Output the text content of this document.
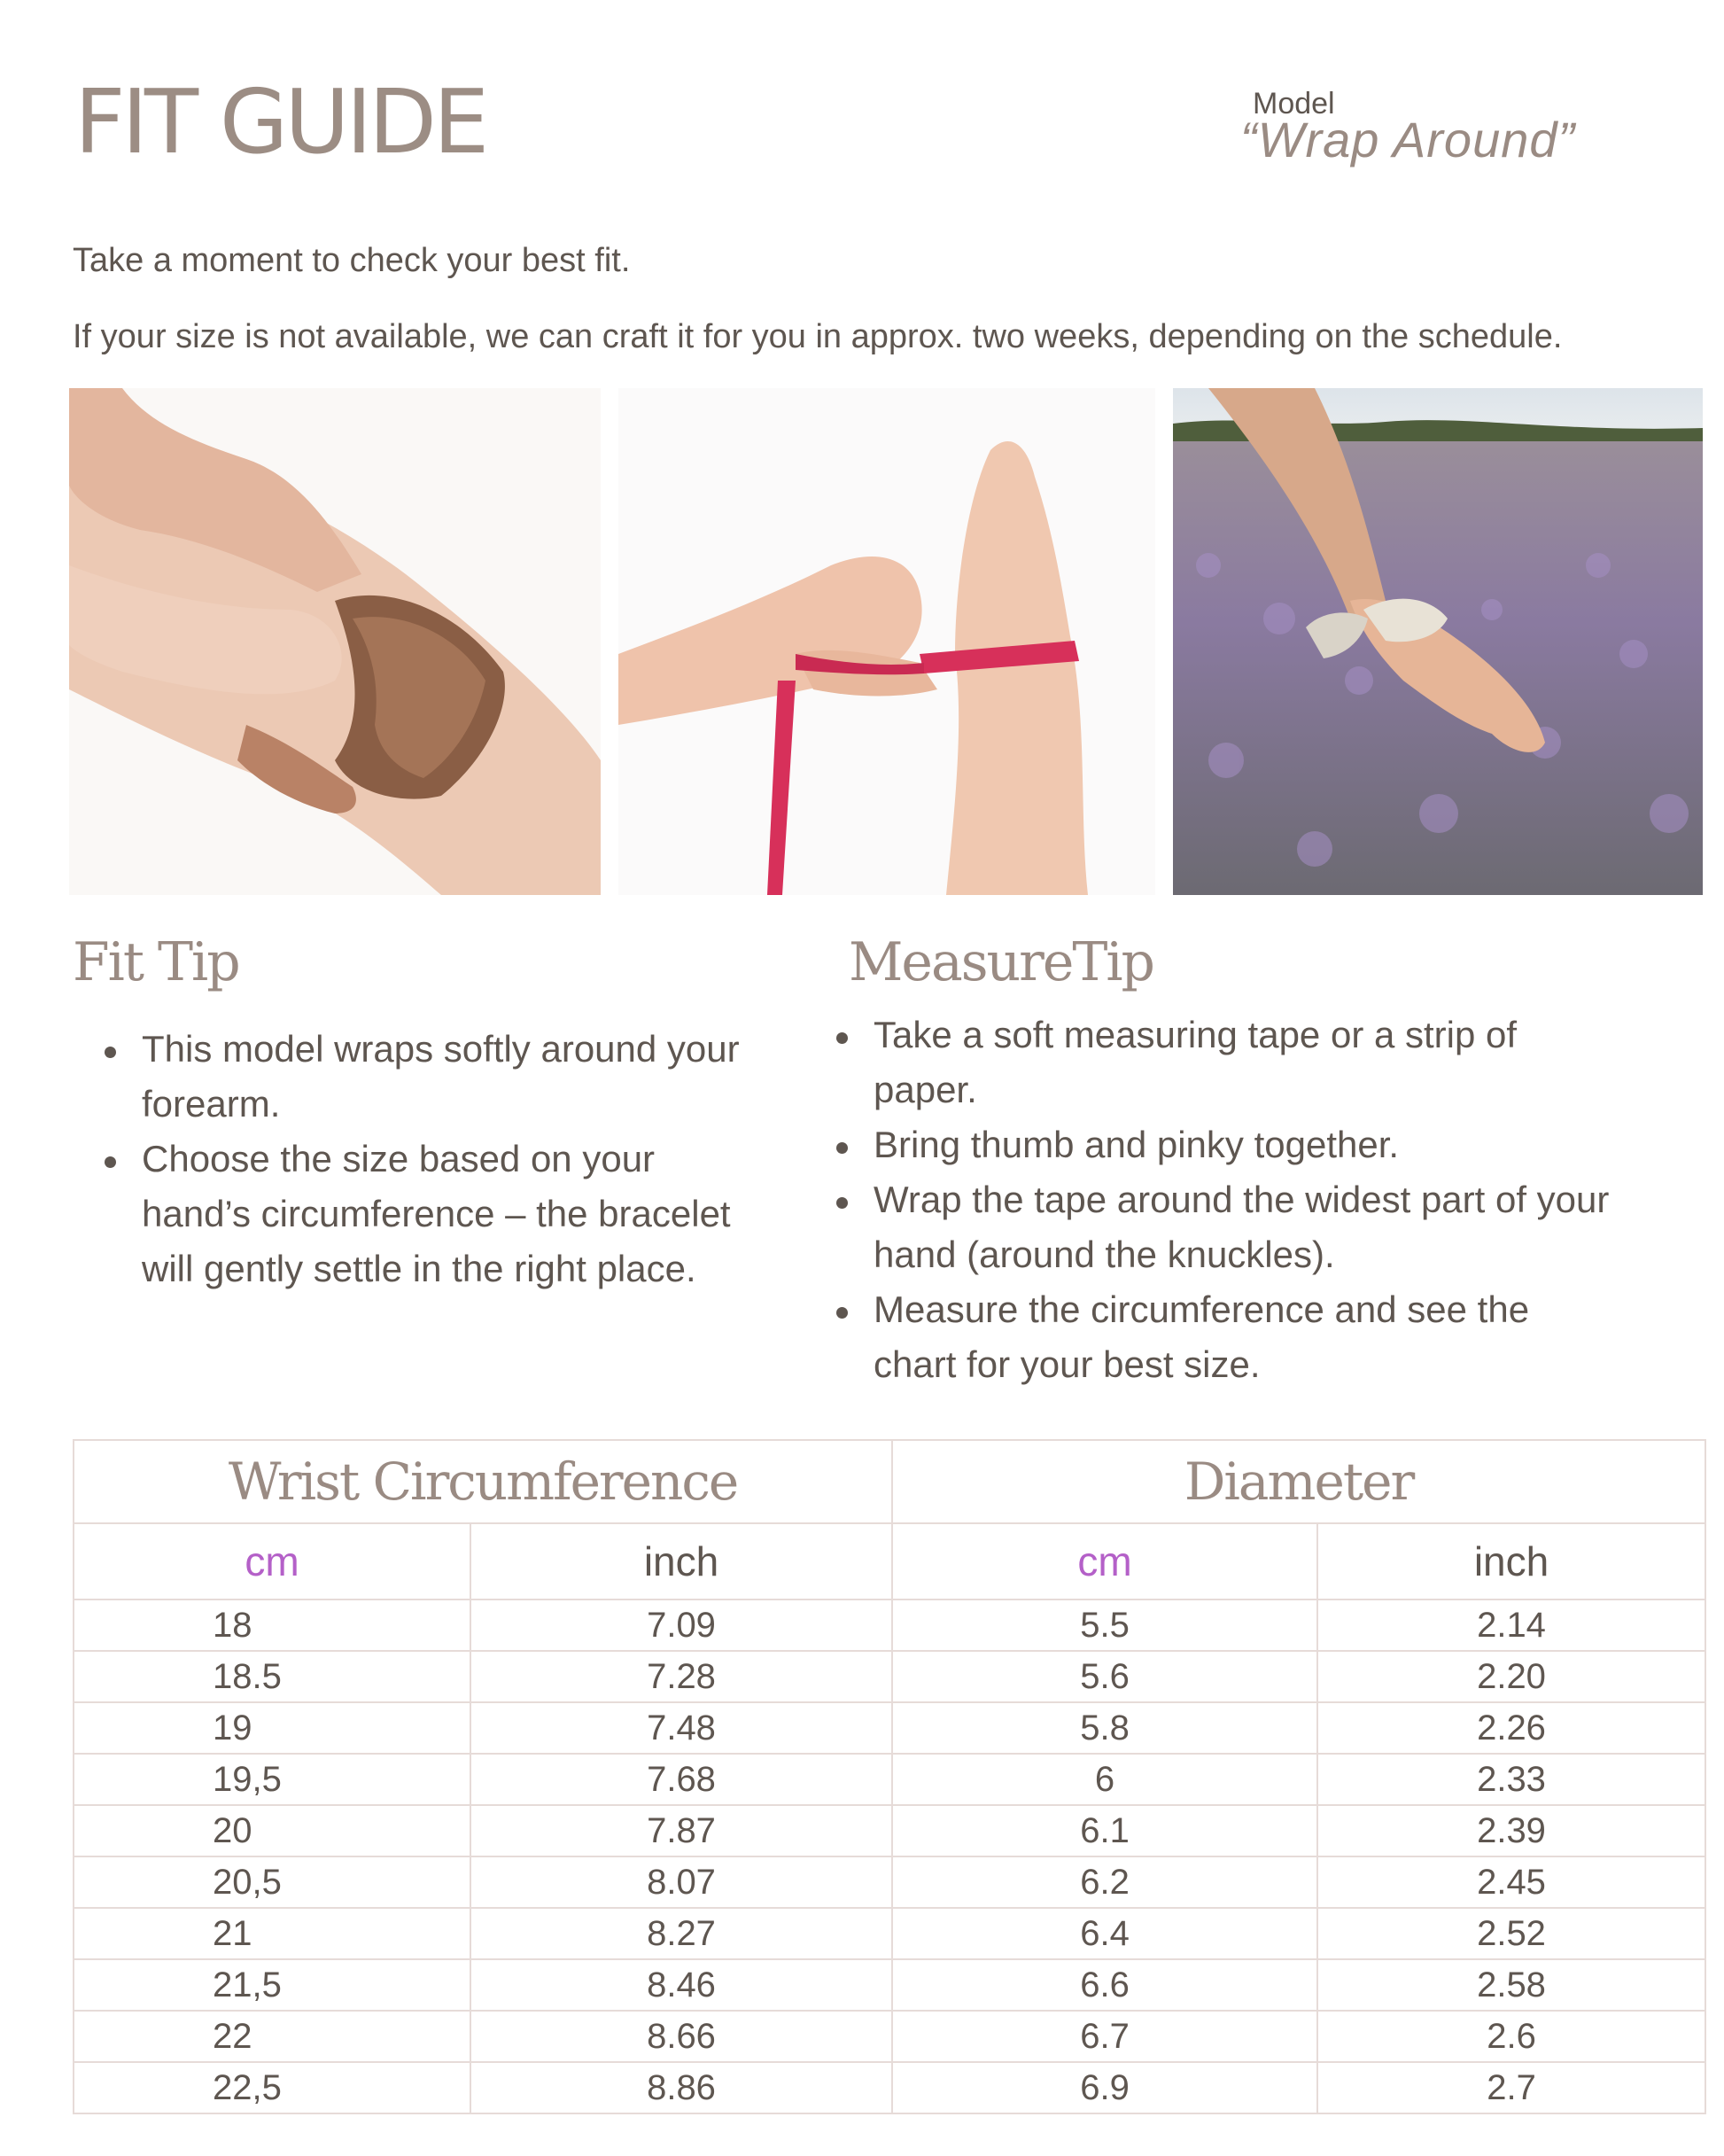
FIT GUIDE	Model
“Wrap Around”

Take a moment to check your best fit.

If your size is not available, we can craft it for you in approx. two weeks, depending on the schedule.

Fit Tip
This model wraps softly around your forearm.
Choose the size based on your hand’s circumference – the bracelet will gently settle in the right place.
MeasureTip
Take a soft measuring tape or a strip of paper.
Bring thumb and pinky together.
Wrap the tape around the widest part of your hand (around the knuckles).
Measure the circumference and see the chart for your best size.
Wrist Circumference		Diameter	
cm	inch	cm	inch
18	7.09	5.5	2.14
18.5	7.28	5.6	2.20
19	7.48	5.8	2.26
19,5	7.68	6	2.33
20	7.87	6.1	2.39
20,5	8.07	6.2	2.45
21	8.27	6.4	2.52
21,5	8.46	6.6	2.58
22	8.66	6.7	2.6
22,5	8.86	6.9	2.7
